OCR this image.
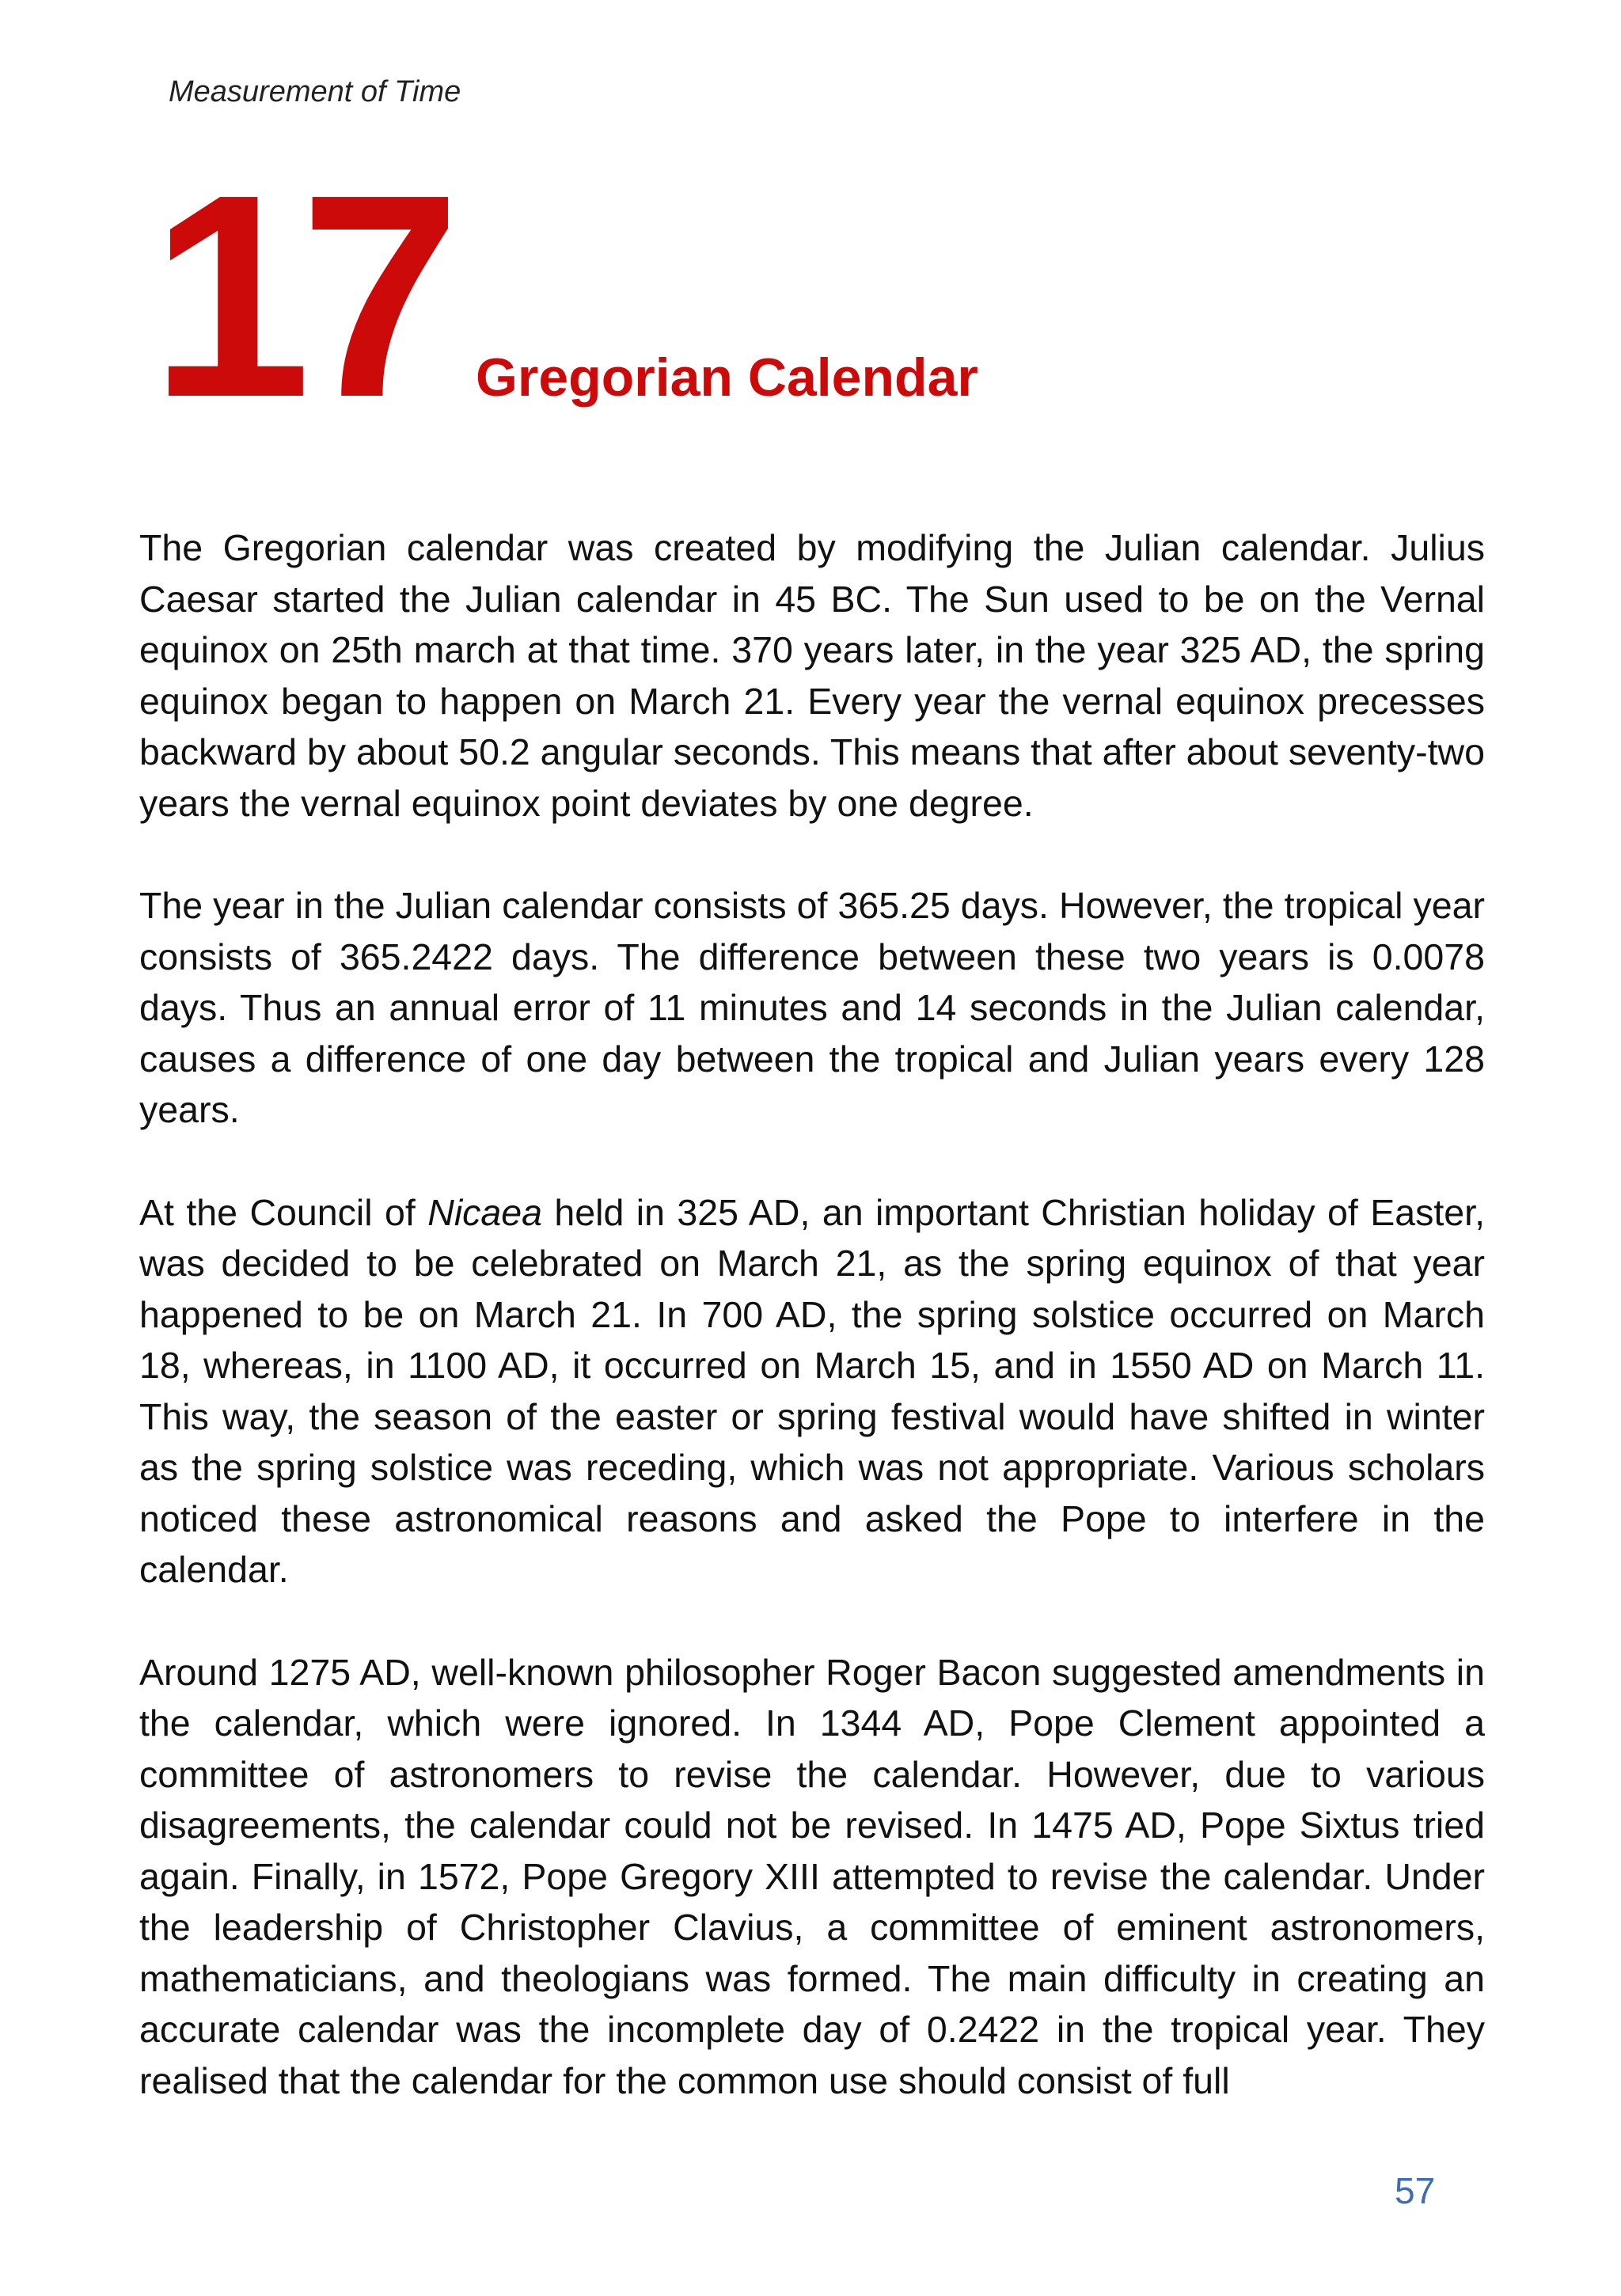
Measurement of Time
17 Gregorian Calendar

The Gregorian calendar was created by modifying the Julian calendar. Julius Caesar started the Julian calendar in 45 BC. The Sun used to be on the Vernal equinox on 25th march at that time. 370 years later, in the year 325 AD, the spring equinox began to happen on March 21. Every year the vernal equinox precesses backward by about 50.2 angular seconds. This means that after about seventy-two years the vernal equinox point deviates by one degree.

The year in the Julian calendar consists of 365.25 days. However, the tropical year consists of 365.2422 days. The difference between these two years is 0.0078 days. Thus an annual error of 11 minutes and 14 seconds in the Julian calendar, causes a difference of one day between the tropical and Julian years every 128 years.

At the Council of Nicaea held in 325 AD, an important Christian holiday of Easter, was decided to be celebrated on March 21, as the spring equinox of that year happened to be on March 21. In 700 AD, the spring solstice occurred on March 18, whereas, in 1100 AD, it occurred on March 15, and in 1550 AD on March 11. This way, the season of the easter or spring festival would have shifted in winter as the spring solstice was receding, which was not appropriate. Various scholars noticed these astronomical reasons and asked the Pope to interfere in the calendar.

Around 1275 AD, well-known philosopher Roger Bacon suggested amendments in the calendar, which were ignored. In 1344 AD, Pope Clement appointed a committee of astronomers to revise the calendar. However, due to various disagreements, the calendar could not be revised. In 1475 AD, Pope Sixtus tried again. Finally, in 1572, Pope Gregory XIII attempted to revise the calendar. Under the leadership of Christopher Clavius, a committee of eminent astronomers, mathematicians, and theologians was formed. The main difficulty in creating an accurate calendar was the incomplete day of 0.2422 in the tropical year. They realised that the calendar for the common use should consist of full

57
